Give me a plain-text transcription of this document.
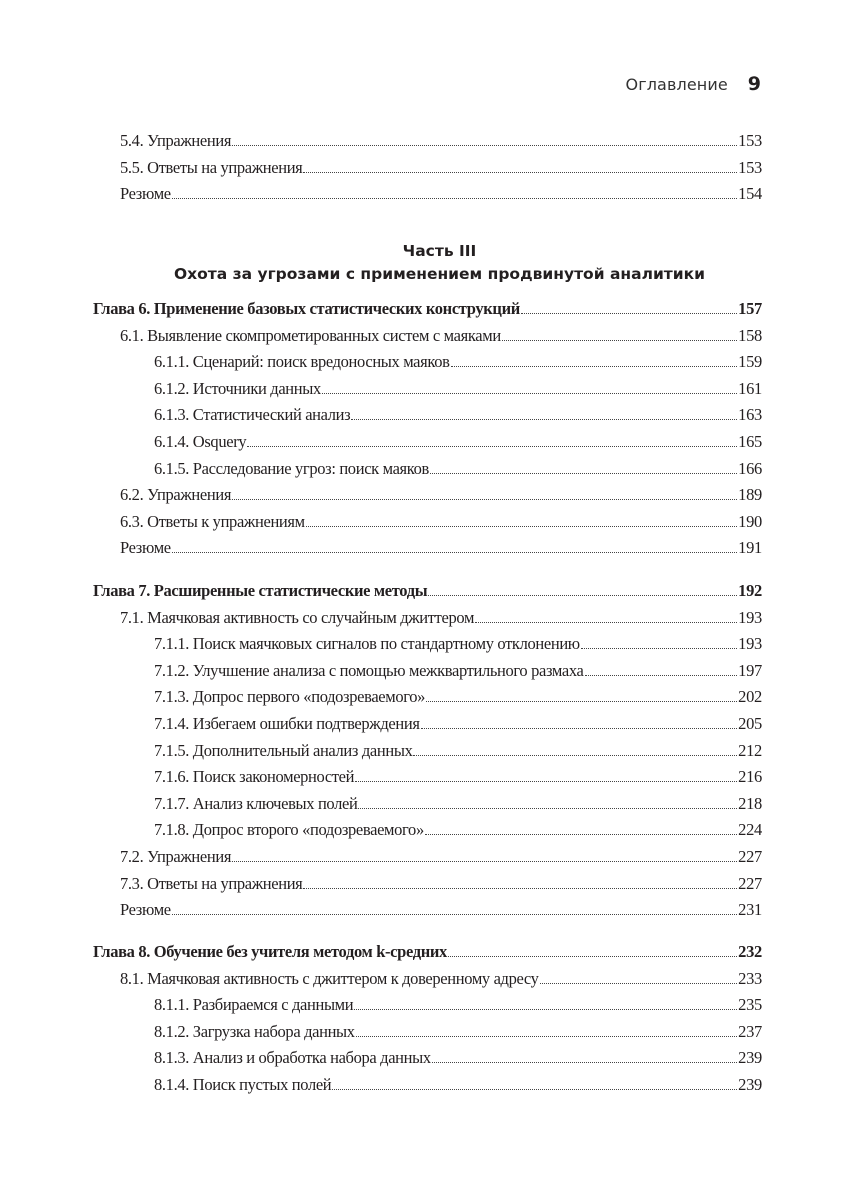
Оглавление 9
5.4. Упражнения	153
5.5. Ответы на упражнения	153
Резюме	154
Часть III
Охота за угрозами с применением продвинутой аналитики
Глава 6. Применение базовых статистических конструкций	157
6.1. Выявление скомпрометированных систем с маяками	158
6.1.1. Сценарий: поиск вредоносных маяков	159
6.1.2. Источники данных	161
6.1.3. Статистический анализ	163
6.1.4. Osquery	165
6.1.5. Расследование угроз: поиск маяков	166
6.2. Упражнения	189
6.3. Ответы к упражнениям	190
Резюме	191
Глава 7. Расширенные статистические методы	192
7.1. Маячковая активность со случайным джиттером	193
7.1.1. Поиск маячковых сигналов по стандартному отклонению	193
7.1.2. Улучшение анализа с помощью межквартильного размаха	197
7.1.3. Допрос первого «подозреваемого»	202
7.1.4. Избегаем ошибки подтверждения	205
7.1.5. Дополнительный анализ данных	212
7.1.6. Поиск закономерностей	216
7.1.7. Анализ ключевых полей	218
7.1.8. Допрос второго «подозреваемого»	224
7.2. Упражнения	227
7.3. Ответы на упражнения	227
Резюме	231
Глава 8. Обучение без учителя методом k-средних	232
8.1. Маячковая активность с джиттером к доверенному адресу	233
8.1.1. Разбираемся с данными	235
8.1.2. Загрузка набора данных	237
8.1.3. Анализ и обработка набора данных	239
8.1.4. Поиск пустых полей	239
